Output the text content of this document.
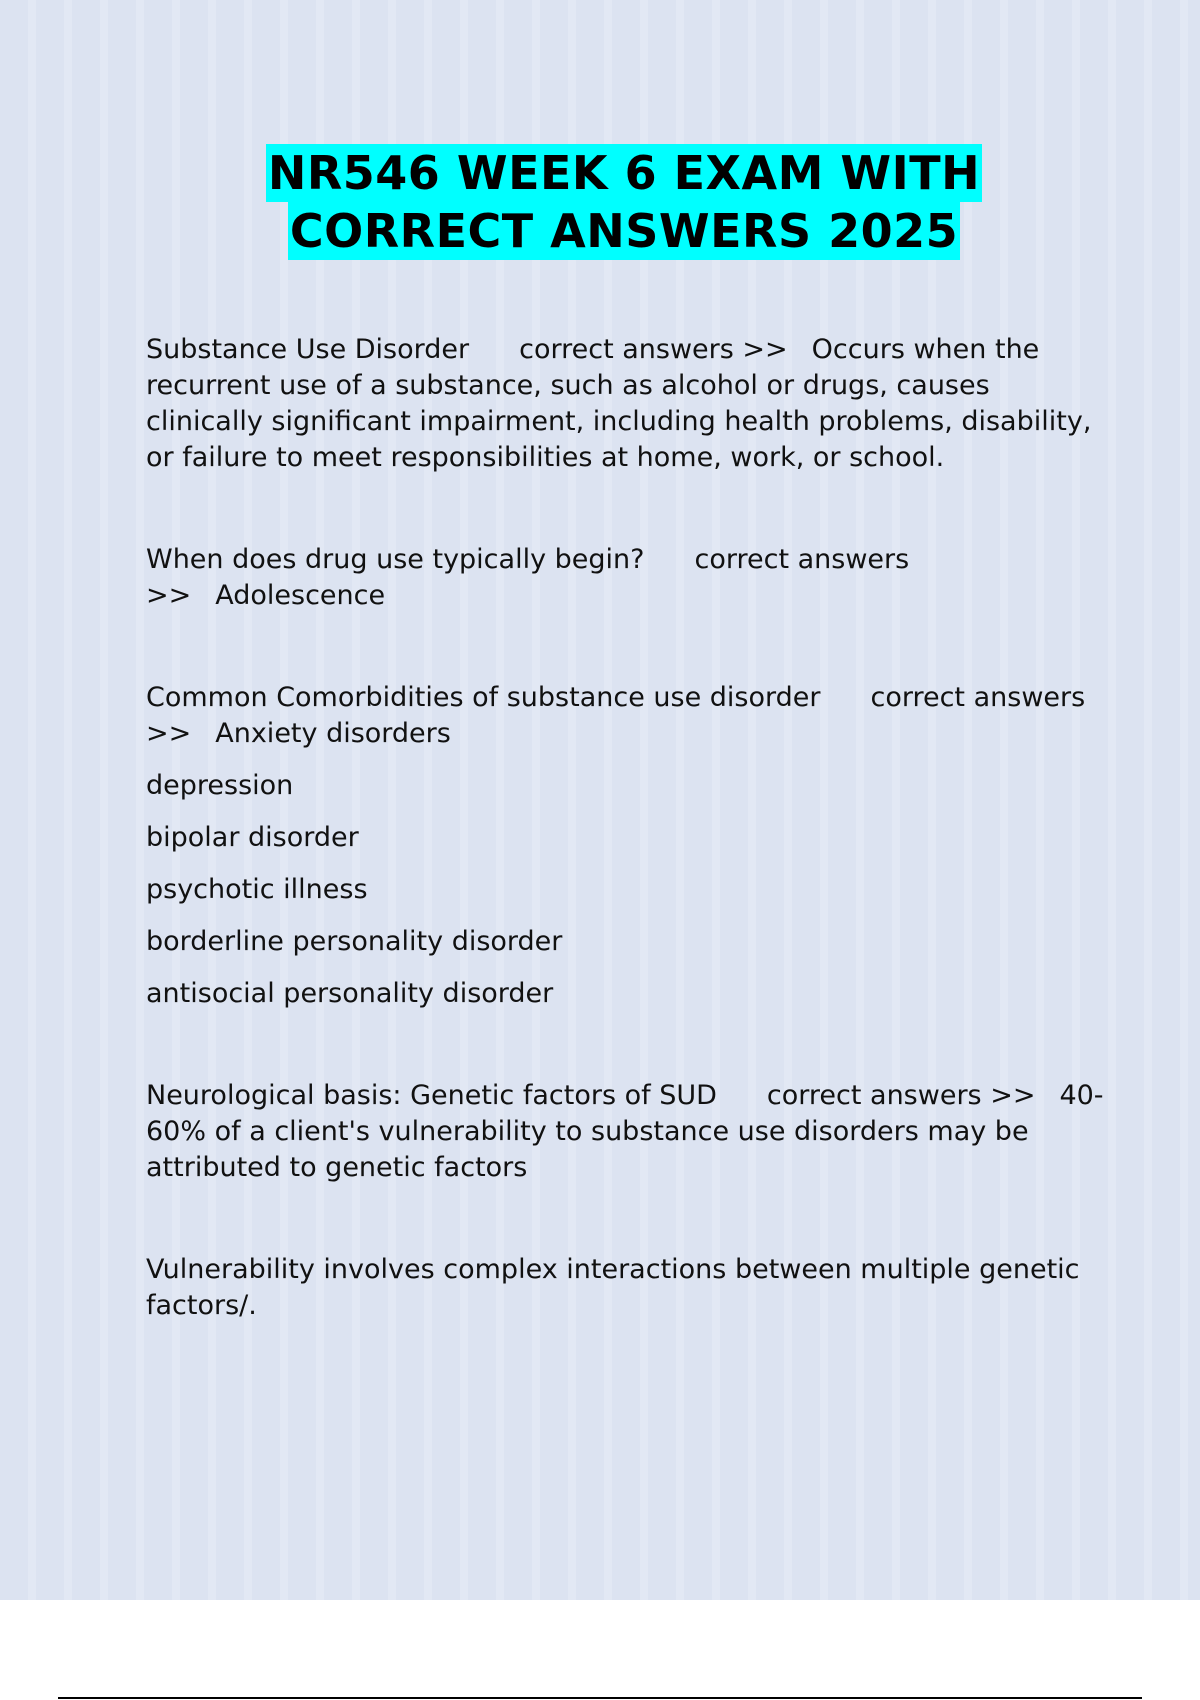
NR546 WEEK 6 EXAM WITH
CORRECT ANSWERS 2025
Substance Use Disorder correct answers >> Occurs when the recurrent use of a substance, such as alcohol or drugs, causes clinically significant impairment, including health problems, disability, or failure to meet responsibilities at home, work, or school.
When does drug use typically begin? correct answers >> Adolescence
Common Comorbidities of substance use disorder correct answers >> Anxiety disorders
depression
bipolar disorder
psychotic illness
borderline personality disorder
antisocial personality disorder
Neurological basis: Genetic factors of SUD correct answers >> 40-60% of a client's vulnerability to substance use disorders may be attributed to genetic factors
Vulnerability involves complex interactions between multiple genetic factors/.
